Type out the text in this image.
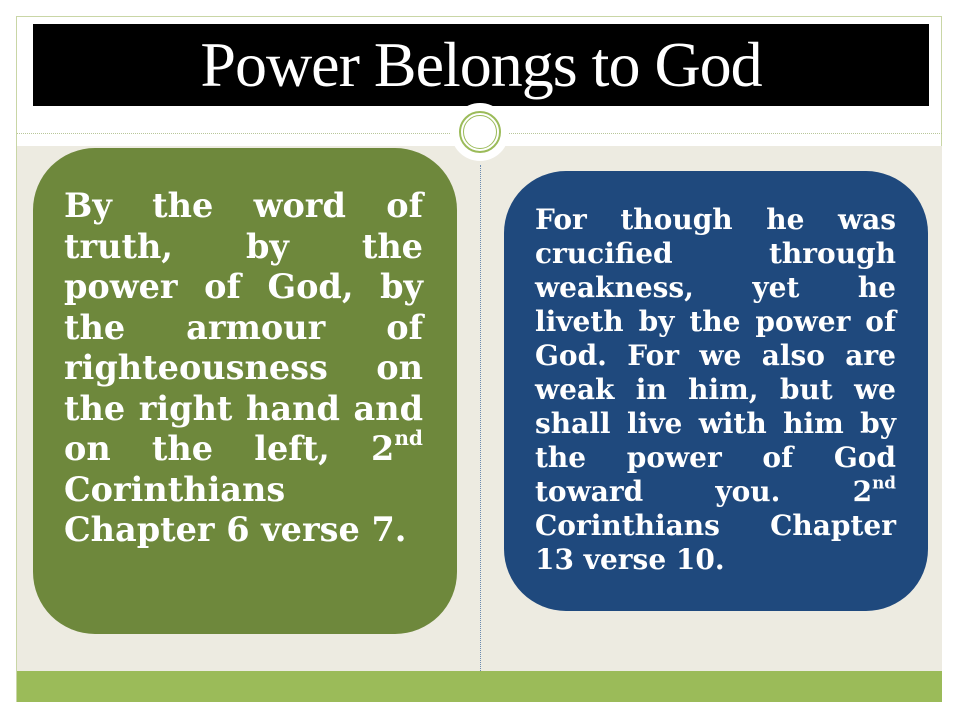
Power Belongs to God

By the word of truth, by the power of God, by the armour of righteousness on the right hand and on the left, 2nd Corinthians Chapter 6 verse 7.

For though he was crucified through weakness, yet he liveth by the power of God. For we also are weak in him, but we shall live with him by the power of God toward you. 2nd Corinthians Chapter 13 verse 10.
